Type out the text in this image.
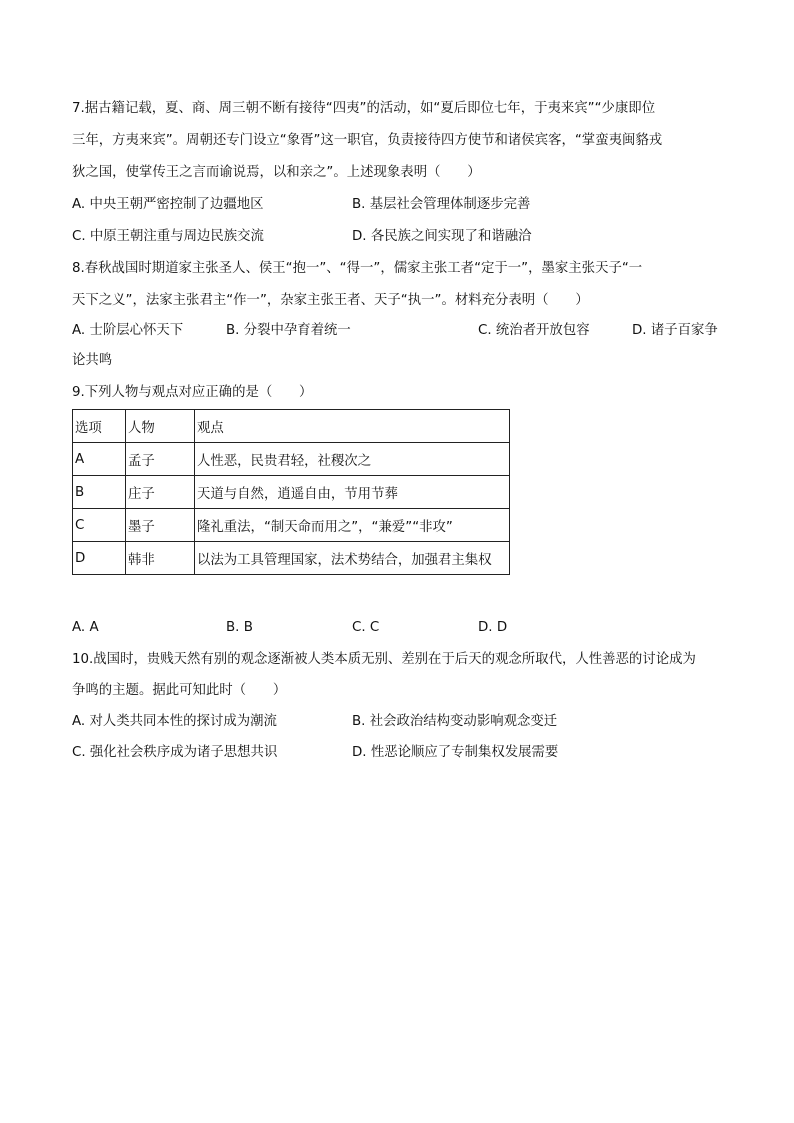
7.据古籍记载，夏、商、周三朝不断有接待“四夷”的活动，如“夏后即位七年，于夷来宾”“少康即位
三年，方夷来宾”。周朝还专门设立“象胥”这一职官，负责接待四方使节和诸侯宾客，“掌蛮夷闽貉戎
狄之国，使掌传王之言而谕说焉，以和亲之”。上述现象表明（　　）
A. 中央王朝严密控制了边疆地区	B. 基层社会管理体制逐步完善
C. 中原王朝注重与周边民族交流	D. 各民族之间实现了和谐融洽
8.春秋战国时期道家主张圣人、侯王“抱一”、“得一”，儒家主张工者“定于一”，墨家主张天子“一
天下之义”，法家主张君主“作一”，杂家主张王者、天子“执一”。材料充分表明（　　）
A. 士阶层心怀天下	B. 分裂中孕育着统一	C. 统治者开放包容	D. 诸子百家争
论共鸣
9.下列人物与观点对应正确的是（　　）
选项	人物	观点
A	孟子	人性恶，民贵君轻，社稷次之
B	庄子	天道与自然，逍遥自由，节用节葬
C	墨子	隆礼重法，“制天命而用之”，“兼爱”“非攻”
D	韩非	以法为工具管理国家，法术势结合，加强君主集权
A. A	B. B	C. C	D. D
10.战国时，贵贱天然有别的观念逐渐被人类本质无别、差别在于后天的观念所取代，人性善恶的讨论成为
争鸣的主题。据此可知此时（　　）
A. 对人类共同本性的探讨成为潮流	B. 社会政治结构变动影响观念变迁
C. 强化社会秩序成为诸子思想共识	D. 性恶论顺应了专制集权发展需要
